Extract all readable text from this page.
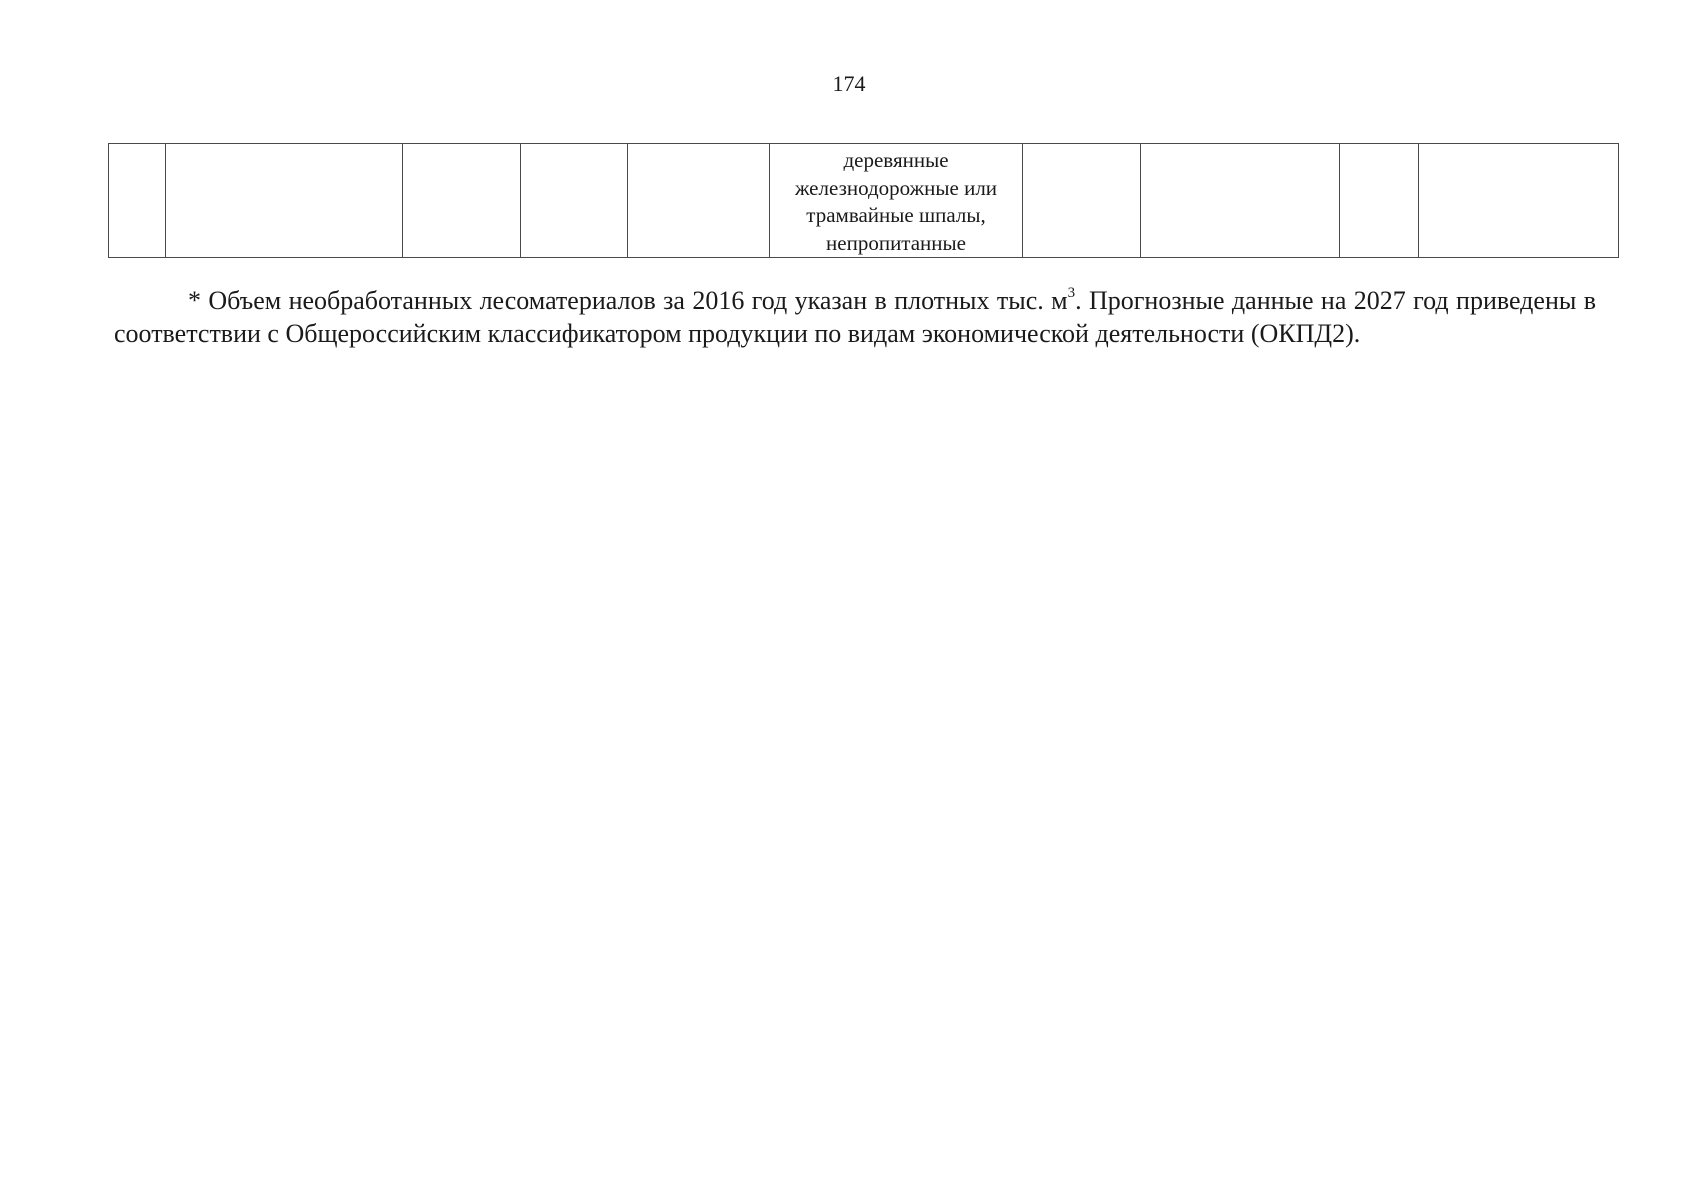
174

деревянные
железнодорожные или
трамвайные шпалы,
непропитанные

* Объем необработанных лесоматериалов за 2016 год указан в плотных тыс. $м^3$. Прогнозные данные на 2027 год приведены в соответствии с Общероссийским классификатором продукции по видам экономической деятельности (ОКПД2).
